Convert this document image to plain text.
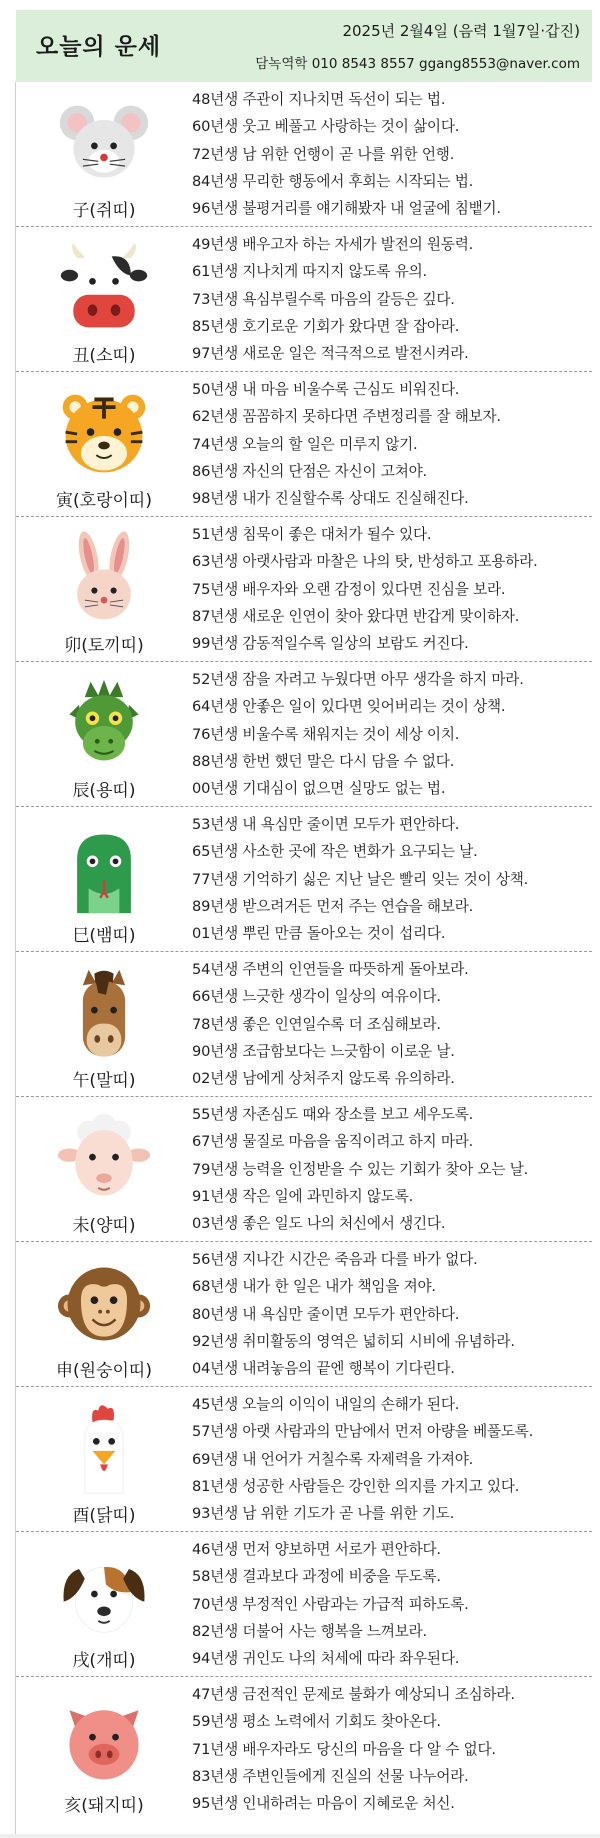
오늘의 운세
2025년 2월4일 (음력 1월7일·갑진)
담녹역학 010 8543 8557 ggang8553@naver.com
子(쥐띠)
48년생 주관이 지나치면 독선이 되는 법.
60년생 웃고 베풀고 사랑하는 것이 삶이다.
72년생 남 위한 언행이 곧 나를 위한 언행.
84년생 무리한 행동에서 후회는 시작되는 법.
96년생 불평거리를 얘기해봤자 내 얼굴에 침뱉기.
丑(소띠)
49년생 배우고자 하는 자세가 발전의 원동력.
61년생 지나치게 따지지 않도록 유의.
73년생 욕심부릴수록 마음의 갈등은 깊다.
85년생 호기로운 기회가 왔다면 잘 잡아라.
97년생 새로운 일은 적극적으로 발전시켜라.
寅(호랑이띠)
50년생 내 마음 비울수록 근심도 비워진다.
62년생 꼼꼼하지 못하다면 주변정리를 잘 해보자.
74년생 오늘의 할 일은 미루지 않기.
86년생 자신의 단점은 자신이 고쳐야.
98년생 내가 진실할수록 상대도 진실해진다.
卯(토끼띠)
51년생 침묵이 좋은 대처가 될수 있다.
63년생 아랫사람과 마찰은 나의 탓, 반성하고 포용하라.
75년생 배우자와 오랜 감정이 있다면 진심을 보라.
87년생 새로운 인연이 찾아 왔다면 반갑게 맞이하자.
99년생 감동적일수록 일상의 보람도 커진다.
辰(용띠)
52년생 잠을 자려고 누웠다면 아무 생각을 하지 마라.
64년생 안좋은 일이 있다면 잊어버리는 것이 상책.
76년생 비울수록 채워지는 것이 세상 이치.
88년생 한번 했던 말은 다시 담을 수 없다.
00년생 기대심이 없으면 실망도 없는 법.
巳(뱀띠)
53년생 내 욕심만 줄이면 모두가 편안하다.
65년생 사소한 곳에 작은 변화가 요구되는 날.
77년생 기억하기 싫은 지난 날은 빨리 잊는 것이 상책.
89년생 받으려거든 먼저 주는 연습을 해보라.
01년생 뿌린 만큼 돌아오는 것이 섭리다.
午(말띠)
54년생 주변의 인연들을 따뜻하게 돌아보라.
66년생 느긋한 생각이 일상의 여유이다.
78년생 좋은 인연일수록 더 조심해보라.
90년생 조급함보다는 느긋함이 이로운 날.
02년생 남에게 상처주지 않도록 유의하라.
未(양띠)
55년생 자존심도 때와 장소를 보고 세우도록.
67년생 물질로 마음을 움직이려고 하지 마라.
79년생 능력을 인정받을 수 있는 기회가 찾아 오는 날.
91년생 작은 일에 과민하지 않도록.
03년생 좋은 일도 나의 처신에서 생긴다.
申(원숭이띠)
56년생 지나간 시간은 죽음과 다를 바가 없다.
68년생 내가 한 일은 내가 책임을 져야.
80년생 내 욕심만 줄이면 모두가 편안하다.
92년생 취미활동의 영역은 넓히되 시비에 유념하라.
04년생 내려놓음의 끝엔 행복이 기다린다.
酉(닭띠)
45년생 오늘의 이익이 내일의 손해가 된다.
57년생 아랫 사람과의 만남에서 먼저 아량을 베풀도록.
69년생 내 언어가 거칠수록 자제력을 가져야.
81년생 성공한 사람들은 강인한 의지를 가지고 있다.
93년생 남 위한 기도가 곧 나를 위한 기도.
戌(개띠)
46년생 먼저 양보하면 서로가 편안하다.
58년생 결과보다 과정에 비중을 두도록.
70년생 부정적인 사람과는 가급적 피하도록.
82년생 더불어 사는 행복을 느껴보라.
94년생 귀인도 나의 처세에 따라 좌우된다.
亥(돼지띠)
47년생 금전적인 문제로 불화가 예상되니 조심하라.
59년생 평소 노력에서 기회도 찾아온다.
71년생 배우자라도 당신의 마음을 다 알 수 없다.
83년생 주변인들에게 진실의 선물 나누어라.
95년생 인내하려는 마음이 지혜로운 처신.
